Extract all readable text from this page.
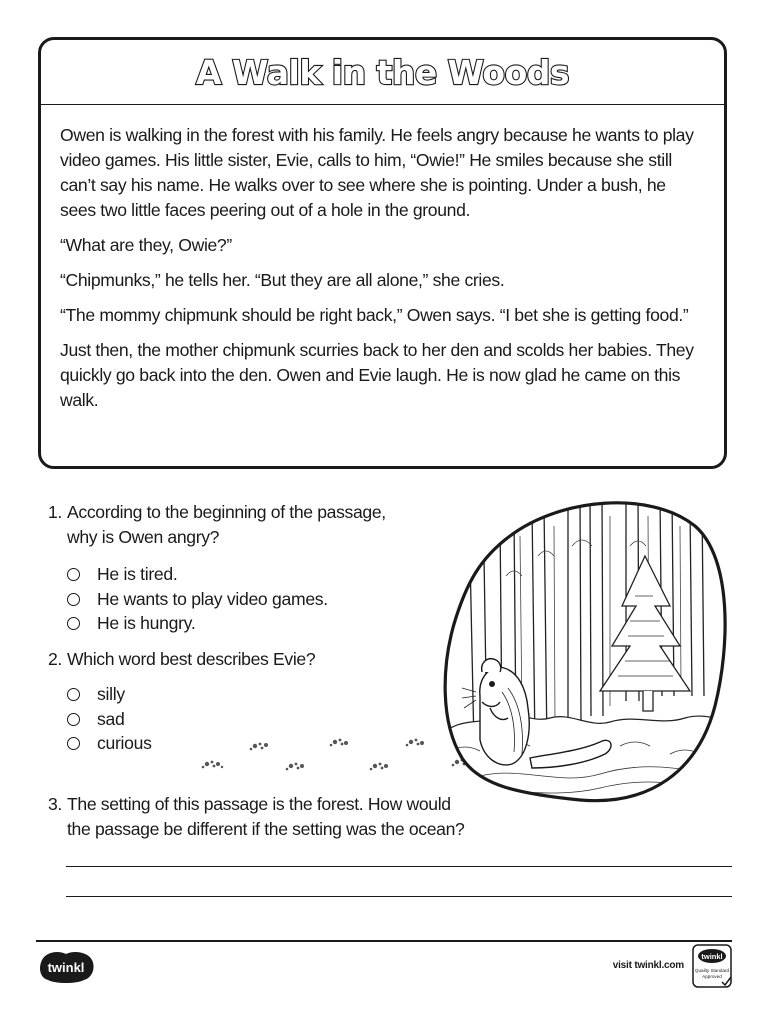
A Walk in the Woods

Owen is walking in the forest with his family. He feels angry because he wants to play video games. His little sister, Evie, calls to him, “Owie!” He smiles because she still can’t say his name. He walks over to see where she is pointing. Under a bush, he sees two little faces peering out of a hole in the ground.

“What are they, Owie?”

“Chipmunks,” he tells her. “But they are all alone,” she cries.

“The mommy chipmunk should be right back,” Owen says. “I bet she is getting food.”

Just then, the mother chipmunk scurries back to her den and scolds her babies. They quickly go back into the den. Owen and Evie laugh. He is now glad he came on this walk.

1. According to the beginning of the passage,
why is Owen angry?
He is tired.
He wants to play video games.
He is hungry.
2. Which word best describes Evie?
silly
sad
curious
3. The setting of this passage is the forest. How would
the passage be different if the setting was the ocean?
twinkl	visit twinkl.com
twinkl
Quality Standard
Approved
